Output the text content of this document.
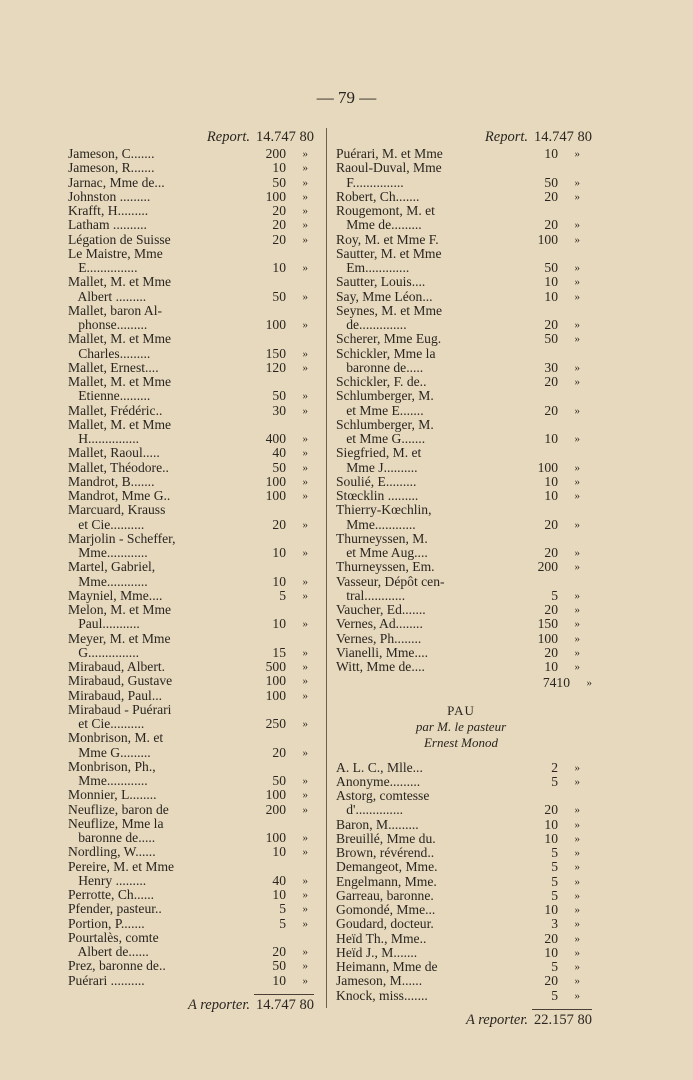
— 79 —
Report. 14.747 80
Jameson, C.......	200	»
Jameson, R.......	10	»
Jarnac, Mme de...	50	»
Johnston .........	100	»
Krafft, H.........	20	»
Latham ..........	20	»
Légation de Suisse	20	»
Le Maistre, Mme
E...............	10	»
Mallet, M. et Mme
Albert .........	50	»
Mallet, baron Al-
phonse.........	100	»
Mallet, M. et Mme
Charles.........	150	»
Mallet, Ernest....	120	»
Mallet, M. et Mme
Etienne.........	50	»
Mallet, Frédéric..	30	»
Mallet, M. et Mme
H...............	400	»
Mallet, Raoul.....	40	»
Mallet, Théodore..	50	»
Mandrot, B.......	100	»
Mandrot, Mme G..	100	»
Marcuard, Krauss
et Cie..........	20	»
Marjolin - Scheffer,
Mme............	10	»
Martel, Gabriel,
Mme............	10	»
Mayniel, Mme....	5	»
Melon, M. et Mme
Paul...........	10	»
Meyer, M. et Mme
G...............	15	»
Mirabaud, Albert.	500	»
Mirabaud, Gustave	100	»
Mirabaud, Paul...	100	»
Mirabaud - Puérari
et Cie..........	250	»
Monbrison, M. et
Mme G.........	20	»
Monbrison, Ph.,
Mme............	50	»
Monnier, L........	100	»
Neuflize, baron de	200	»
Neuflize, Mme la
baronne de.....	100	»
Nordling, W......	10	»
Pereire, M. et Mme
Henry .........	40	»
Perrotte, Ch......	10	»
Pfender, pasteur..	5	»
Portion, P.......	5	»
Pourtalès, comte
Albert de......	20	»
Prez, baronne de..	50	»
Puérari ..........	10	»
A reporter. 14.747 80
Report. 14.747 80
Puérari, M. et Mme	10	»
Raoul-Duval, Mme
F...............	50	»
Robert, Ch.......	20	»
Rougemont, M. et
Mme de.........	20	»
Roy, M. et Mme F.	100	»
Sautter, M. et Mme
Em.............	50	»
Sautter, Louis....	10	»
Say, Mme Léon...	10	»
Seynes, M. et Mme
de..............	20	»
Scherer, Mme Eug.	50	»
Schickler, Mme la
baronne de.....	30	»
Schickler, F. de..	20	»
Schlumberger, M.
et Mme E.......	20	»
Schlumberger, M.
et Mme G.......	10	»
Siegfried, M. et
Mme J..........	100	»
Soulié, E.........	10	»
Stœcklin .........	10	»
Thierry-Kœchlin,
Mme............	20	»
Thurneyssen, M.
et Mme Aug....	20	»
Thurneyssen, Em.	200	»
Vasseur, Dépôt cen-
tral............	5	»
Vaucher, Ed.......	20	»
Vernes, Ad........	150	»
Vernes, Ph........	100	»
Vianelli, Mme....	20	»
Witt, Mme de....	10	»
7410	»
PAU
par M. le pasteur
Ernest Monod
A. L. C., Mlle...	2	»
Anonyme.........	5	»
Astorg, comtesse
d'..............	20	»
Baron, M.........	10	»
Breuillé, Mme du.	10	»
Brown, révérend..	5	»
Demangeot, Mme.	5	»
Engelmann, Mme.	5	»
Garreau, baronne.	5	»
Gomondé, Mme...	10	»
Goudard, docteur.	3	»
Heïd Th., Mme..	20	»
Heïd J., M.......	10	»
Heimann, Mme de	5	»
Jameson, M......	20	»
Knock, miss.......	5	»
A reporter. 22.157 80
